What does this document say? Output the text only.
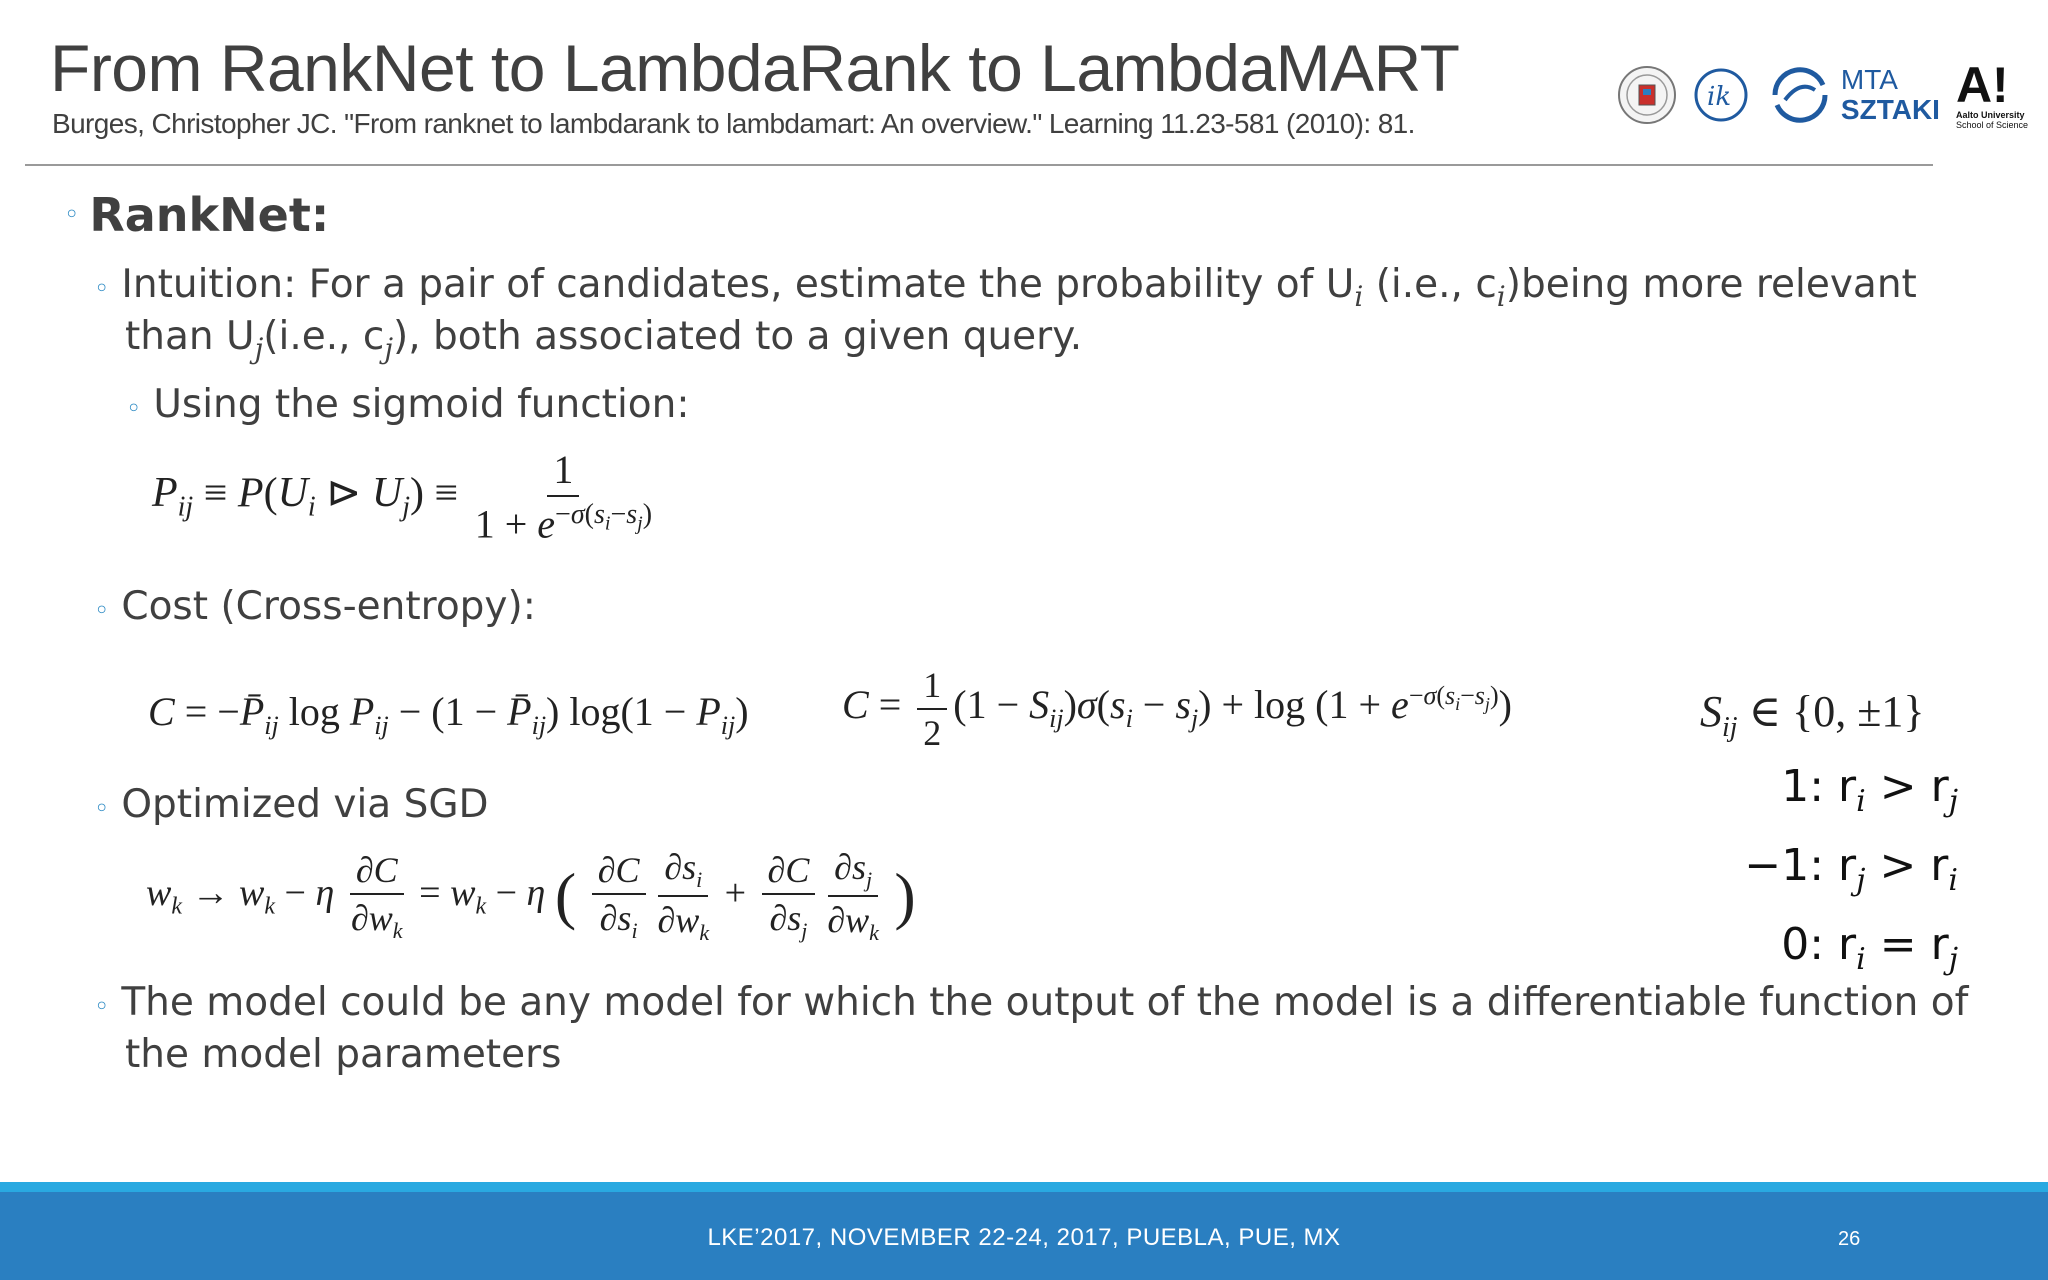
From RankNet to LambdaRank to LambdaMART
Burges, Christopher JC. "From ranknet to lambdarank to lambdamart: An overview." Learning 11.23-581 (2010): 81.
ik
MTA
SZTAKI A!
Aalto University
School of Science
◦ RankNet:
◦ Intuition: For a pair of candidates, estimate the probability of $U_i$ (i.e., $c_i)being$ more relevant
than $U_j(i.e$., $c_j$), both associated to a given query.
◦ Using the sigmoid function:
$P_{ij} \equiv P(U_i$ ⊳ $U_j) \equiv \frac{1}{1 + e^{-\sigma(s_i-s_j)}}$
◦ Cost (Cross-entropy):
$C = -P̄_{ij}$ $\log P_{ij} - (1$ − $P̄_{ij}$) $\log(1 - P_{ij})$ $C = \frac{1}{2} (1 - S_{ij})\sigma(s_i - s_j) + \log (1 + e^{-\sigma(s_i-s_j)})$	$S_{ij}$ ∈ {0, ±1}
◦ Optimized via SGD
$w_k \to w_k - \eta \frac{\partial C}{\partial w_k} = w_k - \eta$ ( $\frac{\partial C}{\partial s_i} \frac{\partial s_i}{\partial w_k} + \frac{\partial C}{\partial s_j} \frac{\partial s_j}{\partial w_k}$ )
1: $r_i > r_j$
−1: $r_j > r_i$
0: $r_i = r_j$
◦ The model could be any model for which the output of the model is a differentiable function of
the model parameters
LKE’2017, NOVEMBER 22-24, 2017, PUEBLA, PUE, MX	26
